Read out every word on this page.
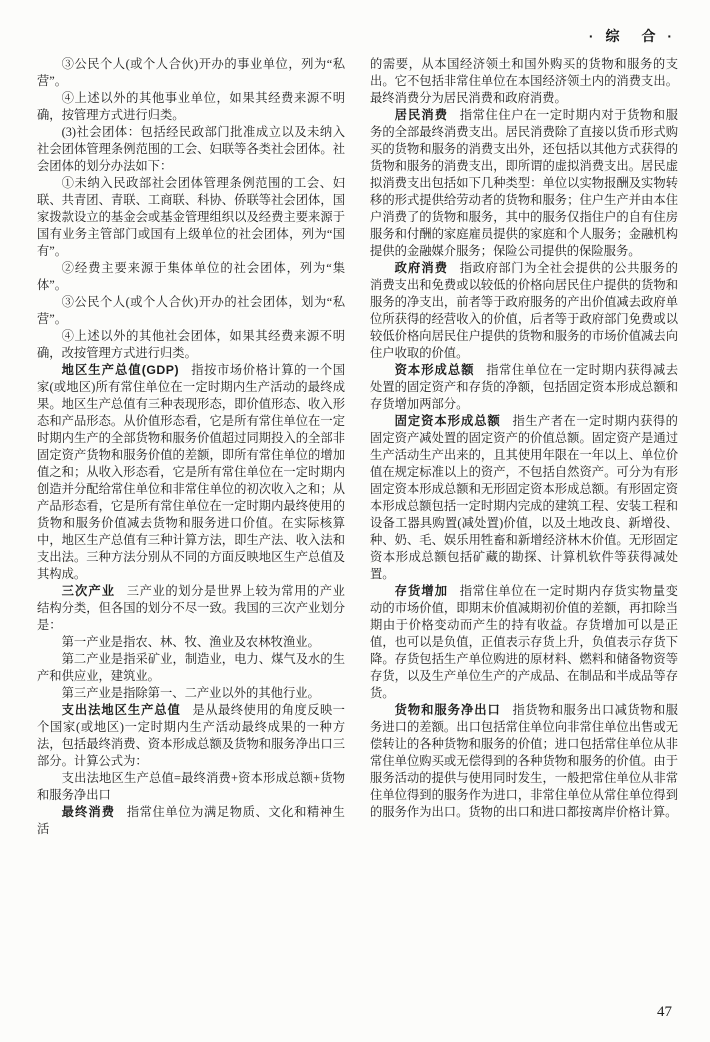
· 综　合 ·

③公民个人(或个人合伙)开办的事业单位，列为“私营”。

④上述以外的其他事业单位，如果其经费来源不明确，按管理方式进行归类。

(3)社会团体：包括经民政部门批准成立以及未纳入社会团体管理条例范围的工会、妇联等各类社会团体。社会团体的划分办法如下：

①未纳入民政部社会团体管理条例范围的工会、妇联、共青团、青联、工商联、科协、侨联等社会团体，国家拨款设立的基金会或基金管理组织以及经费主要来源于国有业务主管部门或国有上级单位的社会团体，列为“国有”。

②经费主要来源于集体单位的社会团体，列为“集体”。

③公民个人(或个人合伙)开办的社会团体，划为“私营”。

④上述以外的其他社会团体，如果其经费来源不明确，改按管理方式进行归类。

地区生产总值(GDP) 指按市场价格计算的一个国家(或地区)所有常住单位在一定时期内生产活动的最终成果。地区生产总值有三种表现形态，即价值形态、收入形态和产品形态。从价值形态看，它是所有常住单位在一定时期内生产的全部货物和服务价值超过同期投入的全部非固定资产货物和服务价值的差额，即所有常住单位的增加值之和；从收入形态看，它是所有常住单位在一定时期内创造并分配给常住单位和非常住单位的初次收入之和；从产品形态看，它是所有常住单位在一定时期内最终使用的货物和服务价值减去货物和服务进口价值。在实际核算中，地区生产总值有三种计算方法，即生产法、收入法和支出法。三种方法分别从不同的方面反映地区生产总值及其构成。

三次产业 三产业的划分是世界上较为常用的产业结构分类，但各国的划分不尽一致。我国的三次产业划分是：

第一产业是指农、林、牧、渔业及农林牧渔业。

第二产业是指采矿业，制造业，电力、煤气及水的生产和供应业，建筑业。

第三产业是指除第一、二产业以外的其他行业。

支出法地区生产总值 是从最终使用的角度反映一个国家(或地区)一定时期内生产活动最终成果的一种方法，包括最终消费、资本形成总额及货物和服务净出口三部分。计算公式为：

支出法地区生产总值=最终消费+资本形成总额+货物和服务净出口

最终消费 指常住单位为满足物质、文化和精神生活

的需要，从本国经济领土和国外购买的货物和服务的支出。它不包括非常住单位在本国经济领土内的消费支出。最终消费分为居民消费和政府消费。

居民消费 指常住住户在一定时期内对于货物和服务的全部最终消费支出。居民消费除了直接以货币形式购买的货物和服务的消费支出外，还包括以其他方式获得的货物和服务的消费支出，即所谓的虚拟消费支出。居民虚拟消费支出包括如下几种类型：单位以实物报酬及实物转移的形式提供给劳动者的货物和服务；住户生产并由本住户消费了的货物和服务，其中的服务仅指住户的自有住房服务和付酬的家庭雇员提供的家庭和个人服务；金融机构提供的金融媒介服务；保险公司提供的保险服务。

政府消费 指政府部门为全社会提供的公共服务的消费支出和免费或以较低的价格向居民住户提供的货物和服务的净支出，前者等于政府服务的产出价值减去政府单位所获得的经营收入的价值，后者等于政府部门免费或以较低价格向居民住户提供的货物和服务的市场价值减去向住户收取的价值。

资本形成总额 指常住单位在一定时期内获得减去处置的固定资产和存货的净额，包括固定资本形成总额和存货增加两部分。

固定资本形成总额 指生产者在一定时期内获得的固定资产减处置的固定资产的价值总额。固定资产是通过生产活动生产出来的，且其使用年限在一年以上、单位价值在规定标准以上的资产，不包括自然资产。可分为有形固定资本形成总额和无形固定资本形成总额。有形固定资本形成总额包括一定时期内完成的建筑工程、安装工程和设备工器具购置(减处置)价值，以及土地改良、新增役、种、奶、毛、娱乐用牲畜和新增经济林木价值。无形固定资本形成总额包括矿藏的勘探、计算机软件等获得减处置。

存货增加 指常住单位在一定时期内存货实物量变动的市场价值，即期末价值减期初价值的差额，再扣除当期由于价格变动而产生的持有收益。存货增加可以是正值，也可以是负值，正值表示存货上升，负值表示存货下降。存货包括生产单位购进的原材料、燃料和储备物资等存货，以及生产单位生产的产成品、在制品和半成品等存货。

货物和服务净出口 指货物和服务出口减货物和服务进口的差额。出口包括常住单位向非常住单位出售或无偿转让的各种货物和服务的价值；进口包括常住单位从非常住单位购买或无偿得到的各种货物和服务的价值。由于服务活动的提供与使用同时发生，一般把常住单位从非常住单位得到的服务作为进口，非常住单位从常住单位得到的服务作为出口。货物的出口和进口都按离岸价格计算。

47
